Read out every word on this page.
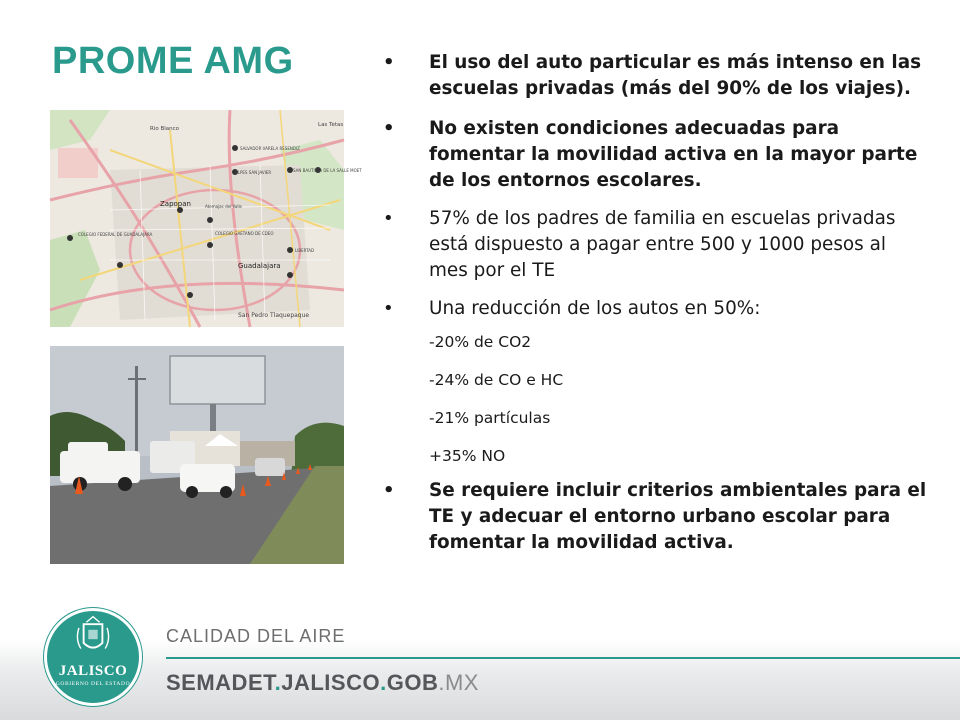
PROME AMG
Rio Blanco
Las Tetas
SALVADOR VARELA RESENDIZ
ALPES SAN JAVIER
Zapopan	Atemajac del Valle
SAN BAUTISTA DE LA SALLE MOET
COLEGIO FEDERAL DE GUADALAJARA	COLEGIO GAETANO DE CDEO
Guadalajara
LIBERTAD
San Pedro Tlaquepaque
•	El uso del auto particular es más intenso en las escuelas privadas (más del 90% de los viajes).
•	No existen condiciones adecuadas para fomentar la movilidad activa en la mayor parte de los entornos escolares.
•	57% de los padres de familia en escuelas privadas está dispuesto a pagar entre 500 y 1000 pesos al mes por el TE
•	Una reducción de los autos en 50%:
-20% de CO2
-24% de CO e HC
-21% partículas
+35% NO
•	Se requiere incluir criterios ambientales para el TE y adecuar el entorno urbano escolar para fomentar la movilidad activa.
CALIDAD DEL AIRE
SEMADET.JALISCO.GOB.MX
JALISCO
GOBIERNO DEL ESTADO
